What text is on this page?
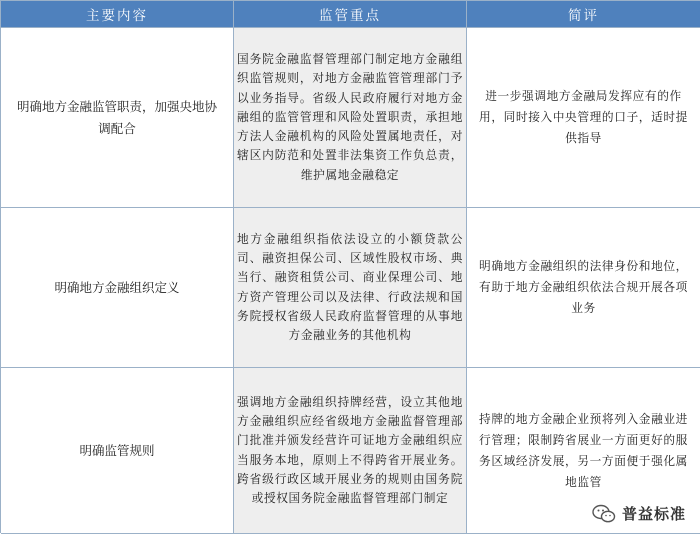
主要内容	监管重点	简评
明确地方金融监管职责，加强央地协调配合
国务院金融监督管理部门制定地方金融组织监管规则，对地方金融监管管理部门予以业务指导。省级人民政府履行对地方金融组的监管管理和风险处置职责，承担地方法人金融机构的风险处置属地责任，对辖区内防范和处置非法集资工作负总责，维护属地金融稳定
进一步强调地方金融局发挥应有的作用，同时接入中央管理的口子，适时提供指导
明确地方金融组织定义
地方金融组织指依法设立的小额贷款公司、融资担保公司、区域性股权市场、典当行、融资租赁公司、商业保理公司、地方资产管理公司以及法律、行政法规和国务院授权省级人民政府监督管理的从事地方金融业务的其他机构
明确地方金融组织的法律身份和地位，有助于地方金融组织依法合规开展各项业务
明确监管规则
强调地方金融组织持牌经营，设立其他地方金融组织应经省级地方金融监督管理部门批准并颁发经营许可证地方金融组织应当服务本地，原则上不得跨省开展业务。跨省级行政区域开展业务的规则由国务院或授权国务院金融监督管理部门制定
持牌的地方金融企业预将列入金融业进行管理；限制跨省展业一方面更好的服务区域经济发展，另一方面便于强化属地监管
普益标准
